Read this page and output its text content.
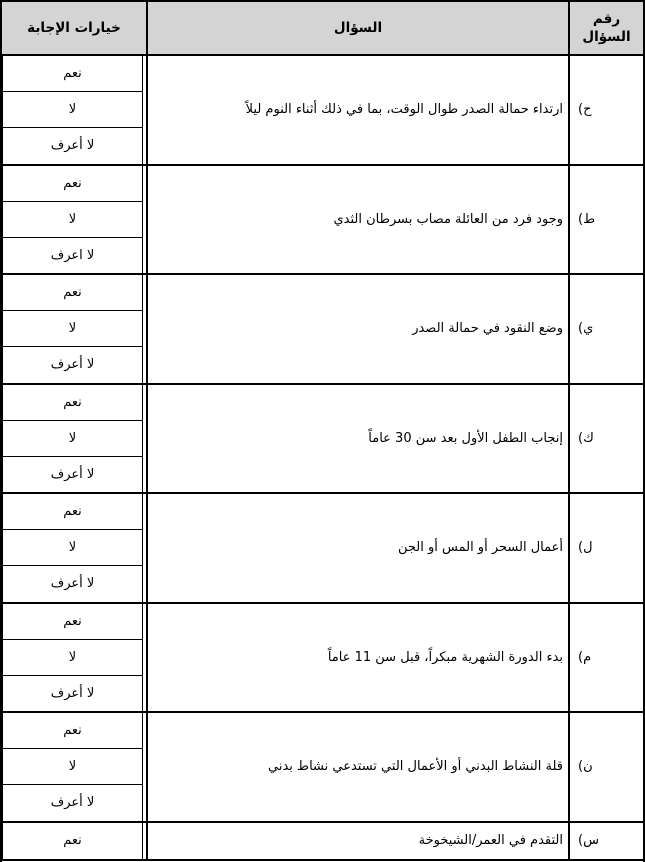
رقم السؤال
السؤال
خيارات الإجابة
ح)
ارتداء حمالة الصدر طوال الوقت، بما في ذلك أثناء النوم ليلاً
نعم
لا
لا أعرف
ط)
وجود فرد من العائلة مصاب بسرطان الثدي
نعم
لا
لا اعرف
ي)
وضع النقود في حمالة الصدر
نعم
لا
لا أعرف
ك)
إنجاب الطفل الأول بعد سن 30 عاماً
نعم
لا
لا أعرف
ل)
أعمال السحر أو المس أو الجن
نعم
لا
لا أعرف
م)
بدء الدورة الشهرية مبكراً، قبل سن 11 عاماً
نعم
لا
لا أعرف
ن)
قلة النشاط البدني أو الأعمال التي تستدعي نشاط بدني
نعم
لا
لا أعرف
س)
التقدم في العمر/الشيخوخة
نعم
